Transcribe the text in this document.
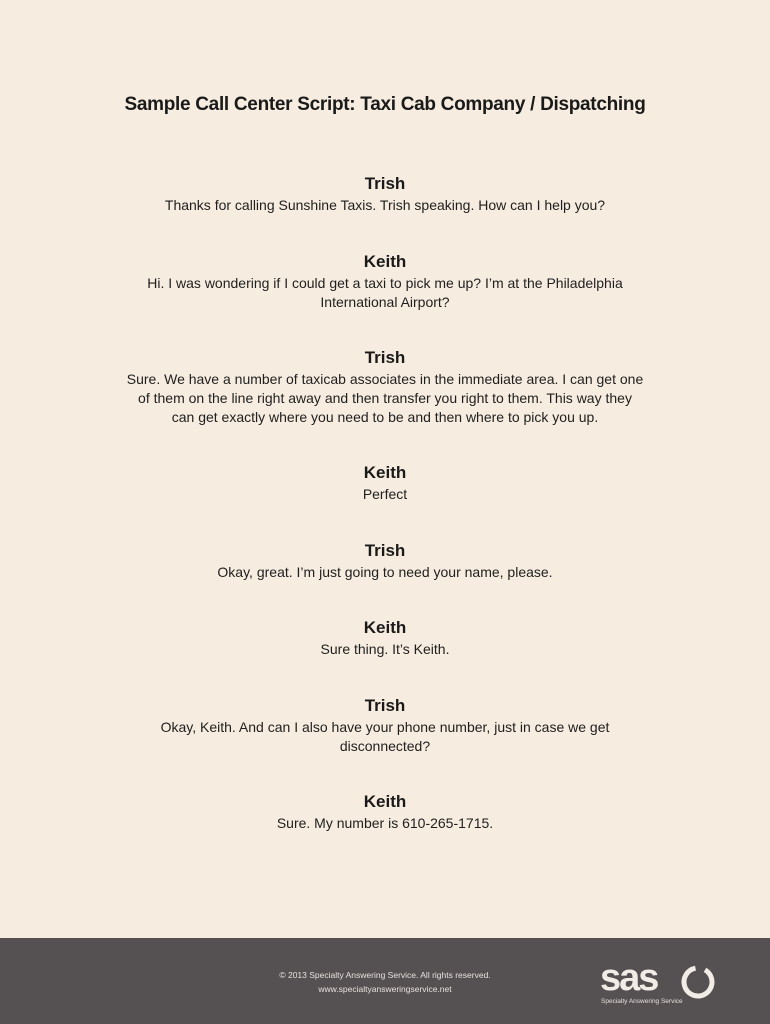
Sample Call Center Script: Taxi Cab Company / Dispatching
Trish
Thanks for calling Sunshine Taxis. Trish speaking. How can I help you?
Keith
Hi. I was wondering if I could get a taxi to pick me up? I’m at the Philadelphia
International Airport?
Trish
Sure. We have a number of taxicab associates in the immediate area. I can get one
of them on the line right away and then transfer you right to them. This way they
can get exactly where you need to be and then where to pick you up.
Keith
Perfect
Trish
Okay, great. I’m just going to need your name, please.
Keith
Sure thing. It’s Keith.
Trish
Okay, Keith. And can I also have your phone number, just in case we get
disconnected?
Keith
Sure. My number is 610-265-1715.
© 2013 Specialty Answering Service. All rights reserved.
www.specialtyansweringservice.net	sas
Specialty Answering Service
